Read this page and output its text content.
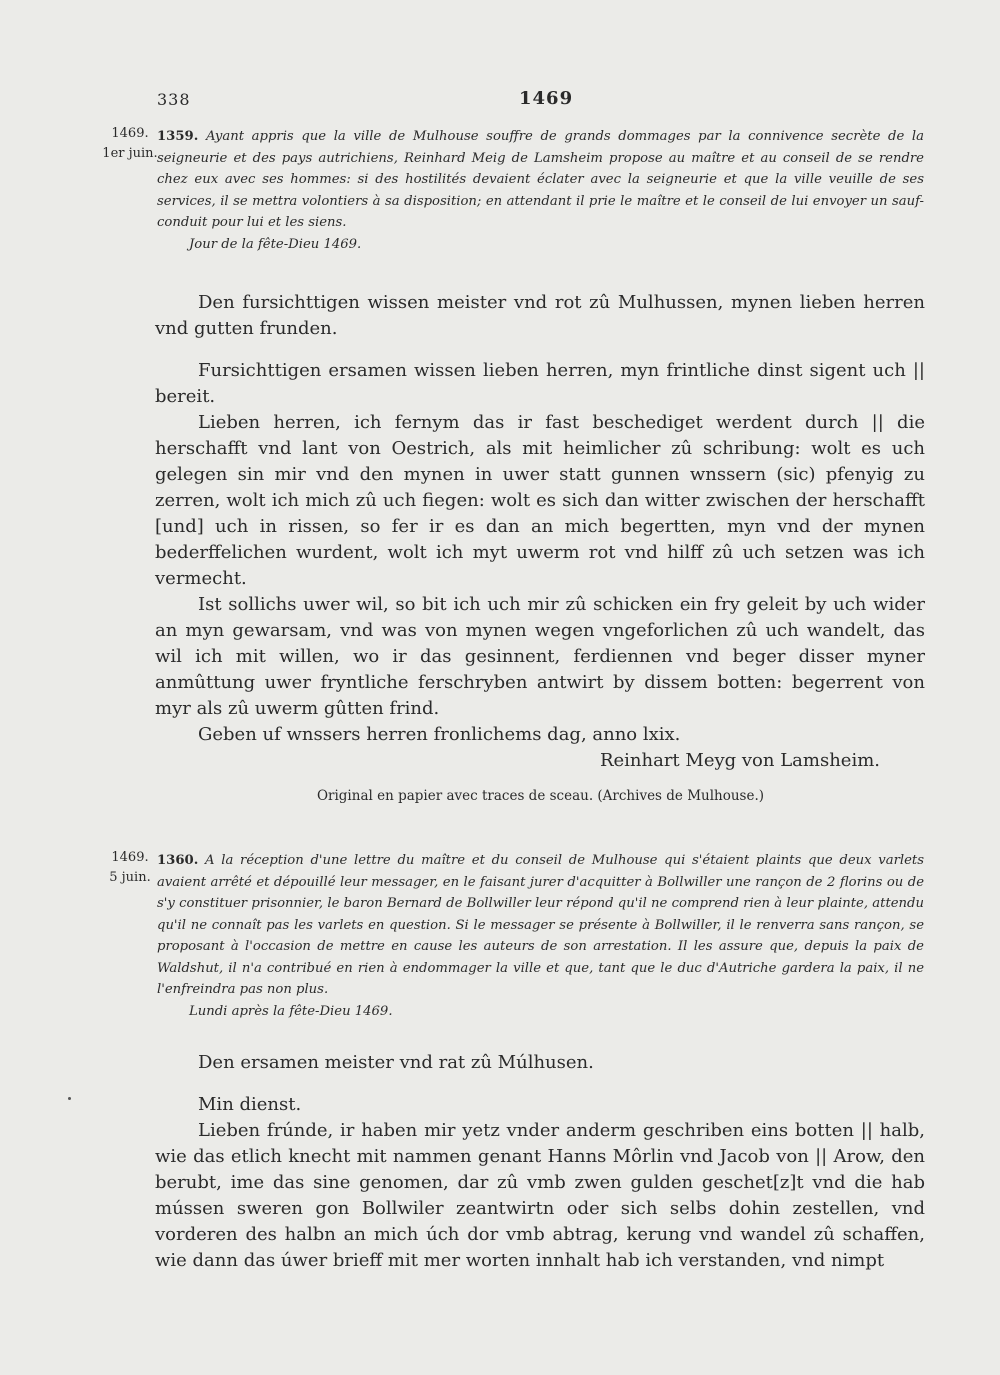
338	1469
1469.
1er juin.
1359. Ayant appris que la ville de Mulhouse souffre de grands dommages par la connivence secrète de la seigneurie et des pays autrichiens, Reinhard Meig de Lamsheim propose au maître et au conseil de se rendre chez eux avec ses hommes: si des hostilités devaient éclater avec la seigneurie et que la ville veuille de ses services, il se mettra volontiers à sa disposition; en attendant il prie le maître et le conseil de lui envoyer un sauf-conduit pour lui et les siens.
Jour de la fête-Dieu 1469.

Den fursichttigen wissen meister vnd rot zû Mulhussen, mynen lieben herren vnd gutten frunden.

Fursichttigen ersamen wissen lieben herren, myn frintliche dinst sigent uch || bereit.

Lieben herren, ich fernym das ir fast beschediget werdent durch || die herschafft vnd lant von Oestrich, als mit heimlicher zû schribung: wolt es uch gelegen sin mir vnd den mynen in uwer statt gunnen wnssern (sic) pfenyig zu zerren, wolt ich mich zû uch fiegen: wolt es sich dan witter zwischen der herschafft [und] uch in rissen, so fer ir es dan an mich begertten, myn vnd der mynen bederffelichen wurdent, wolt ich myt uwerm rot vnd hilff zû uch setzen was ich vermecht.

Ist sollichs uwer wil, so bit ich uch mir zû schicken ein fry geleit by uch wider an myn gewarsam, vnd was von mynen wegen vngeforlichen zû uch wandelt, das wil ich mit willen, wo ir das gesinnent, ferdiennen vnd beger disser myner anmûttung uwer fryntliche ferschryben antwirt by dissem botten: begerrent von myr als zû uwerm gûtten frind.

Geben uf wnssers herren fronlichems dag, anno lxix.

Reinhart Meyg von Lamsheim.

Original en papier avec traces de sceau. (Archives de Mulhouse.)
1469.
5 juin.
1360. A la réception d'une lettre du maître et du conseil de Mulhouse qui s'étaient plaints que deux varlets avaient arrêté et dépouillé leur messager, en le faisant jurer d'acquitter à Bollwiller une rançon de 2 florins ou de s'y constituer prisonnier, le baron Bernard de Bollwiller leur répond qu'il ne comprend rien à leur plainte, attendu qu'il ne connaît pas les varlets en question. Si le messager se présente à Bollwiller, il le renverra sans rançon, se proposant à l'occasion de mettre en cause les auteurs de son arrestation. Il les assure que, depuis la paix de Waldshut, il n'a contribué en rien à endommager la ville et que, tant que le duc d'Autriche gardera la paix, il ne l'enfreindra pas non plus.
Lundi après la fête-Dieu 1469.

Den ersamen meister vnd rat zû Múlhusen.

Min dienst.

Lieben frúnde, ir haben mir yetz vnder anderm geschriben eins botten || halb, wie das etlich knecht mit nammen genant Hanns Môrlin vnd Jacob von || Arow, den berubt, ime das sine genomen, dar zû vmb zwen gulden geschet[z]t vnd die hab mússen sweren gon Bollwiler zeantwirtn oder sich selbs dohin zestellen, vnd vorderen des halbn an mich úch dor vmb abtrag, kerung vnd wandel zû schaffen, wie dann das úwer brieff mit mer worten innhalt hab ich verstanden, vnd nimpt
